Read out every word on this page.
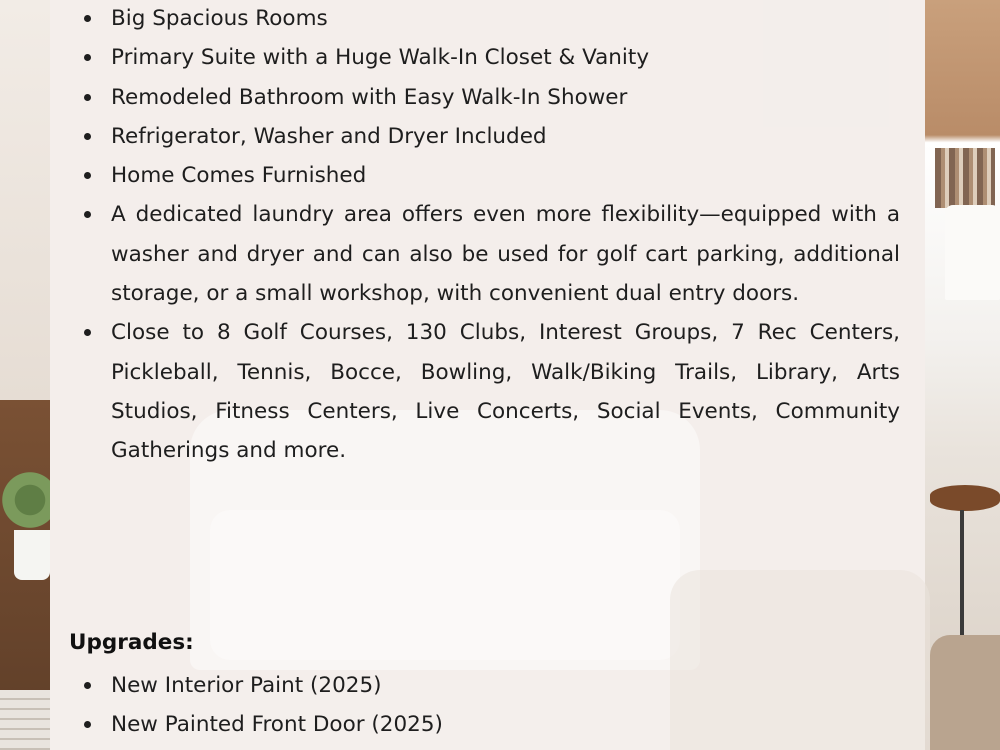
Big Spacious Rooms
Primary Suite with a Huge Walk-In Closet & Vanity
Remodeled Bathroom with Easy Walk-In Shower
Refrigerator, Washer and Dryer Included
Home Comes Furnished
A dedicated laundry area offers even more flexibility—equipped with a washer and dryer and can also be used for golf cart parking, additional storage, or a small workshop, with convenient dual entry doors.
Close to 8 Golf Courses, 130 Clubs, Interest Groups, 7 Rec Centers, Pickleball, Tennis, Bocce, Bowling, Walk/Biking Trails, Library, Arts Studios, Fitness Centers, Live Concerts, Social Events, Community Gatherings and more.
Upgrades:
New Interior Paint (2025)
New Painted Front Door (2025)
